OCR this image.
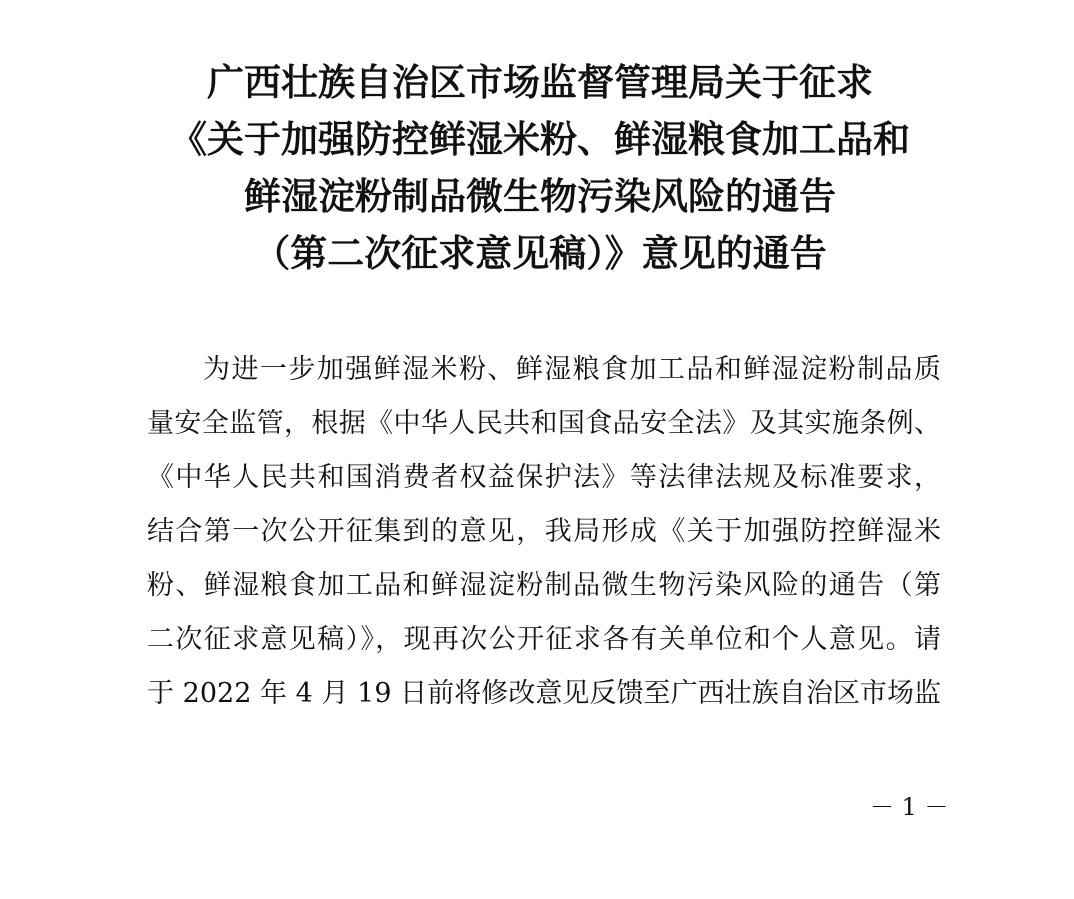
广西壮族自治区市场监督管理局关于征求
《关于加强防控鲜湿米粉、鲜湿粮食加工品和
鲜湿淀粉制品微生物污染风险的通告
（第二次征求意见稿）》意见的通告
为进一步加强鲜湿米粉、鲜湿粮食加工品和鲜湿淀粉制品质
量安全监管，根据《中华人民共和国食品安全法》及其实施条例、
《中华人民共和国消费者权益保护法》等法律法规及标准要求，
结合第一次公开征集到的意见，我局形成《关于加强防控鲜湿米
粉、鲜湿粮食加工品和鲜湿淀粉制品微生物污染风险的通告（第
二次征求意见稿）》，现再次公开征求各有关单位和个人意见。请
于 2022 年 4 月 19 日前将修改意见反馈至广西壮族自治区市场监
－ 1 －
